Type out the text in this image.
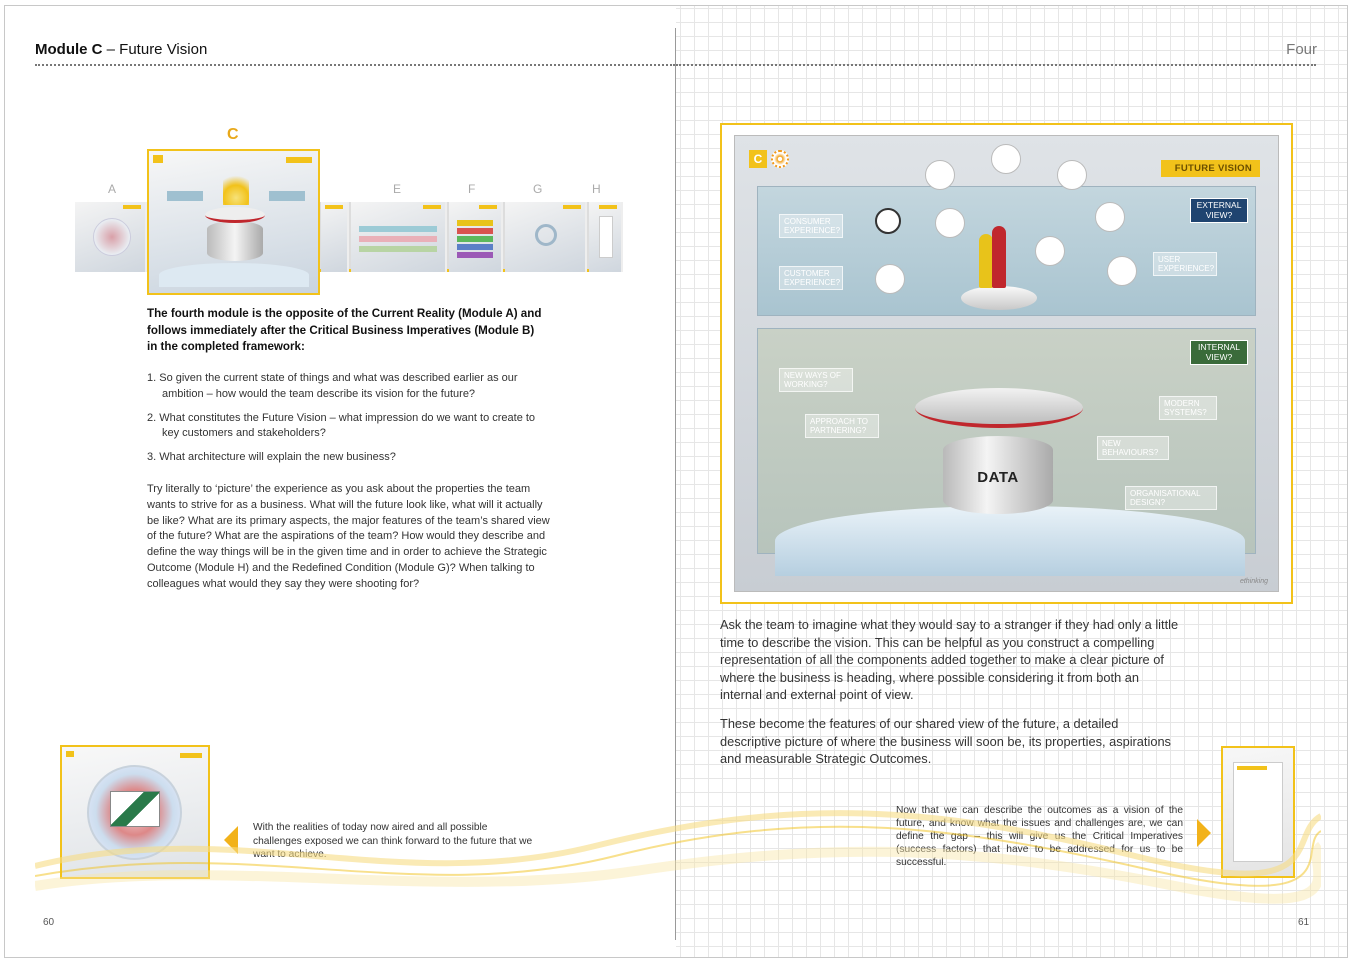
Module C – Future Vision
A
C
E	F	G	H

The fourth module is the opposite of the Current Reality (Module A) and follows immediately after the Critical Business Imperatives (Module B) in the completed framework:

1. So given the current state of things and what was described earlier as our ambition – how would the team describe its vision for the future?
2. What constitutes the Future Vision – what impression do we want to create to key customers and stakeholders?
3. What architecture will explain the new business?

Try literally to ‘picture’ the experience as you ask about the properties the team wants to strive for as a business. What will the future look like, what will it actually be like? What are its primary aspects, the major features of the team’s shared view of the future? What are the aspirations of the team? How would they describe and define the way things will be in the given time and in order to achieve the Strategic Outcome (Module H) and the Redefined Condition (Module G)? When talking to colleagues what would they say they were shooting for?

With the realities of today now aired and all possible challenges exposed we can think forward to the future that we want to achieve.

60
Four
C
FUTURE VISION
EXTERNAL VIEW?
INTERNAL VIEW?
CONSUMER EXPERIENCE?
CUSTOMER EXPERIENCE?
USER EXPERIENCE?
NEW WAYS OF WORKING?
APPROACH TO PARTNERING?
MODERN SYSTEMS?
NEW BEHAVIOURS?
ORGANISATIONAL DESIGN?
DATA
ethinking

Ask the team to imagine what they would say to a stranger if they had only a little time to describe the vision. This can be helpful as you construct a compelling representation of all the components added together to make a clear picture of where the business is heading, where possible considering it from both an internal and external point of view.

These become the features of our shared view of the future, a detailed descriptive picture of where the business will soon be, its properties, aspirations and measurable Strategic Outcomes.

Now that we can describe the outcomes as a vision of the future, and know what the issues and challenges are, we can define the gap – this will give us the Critical Imperatives (success factors) that have to be addressed for us to be successful.

61
